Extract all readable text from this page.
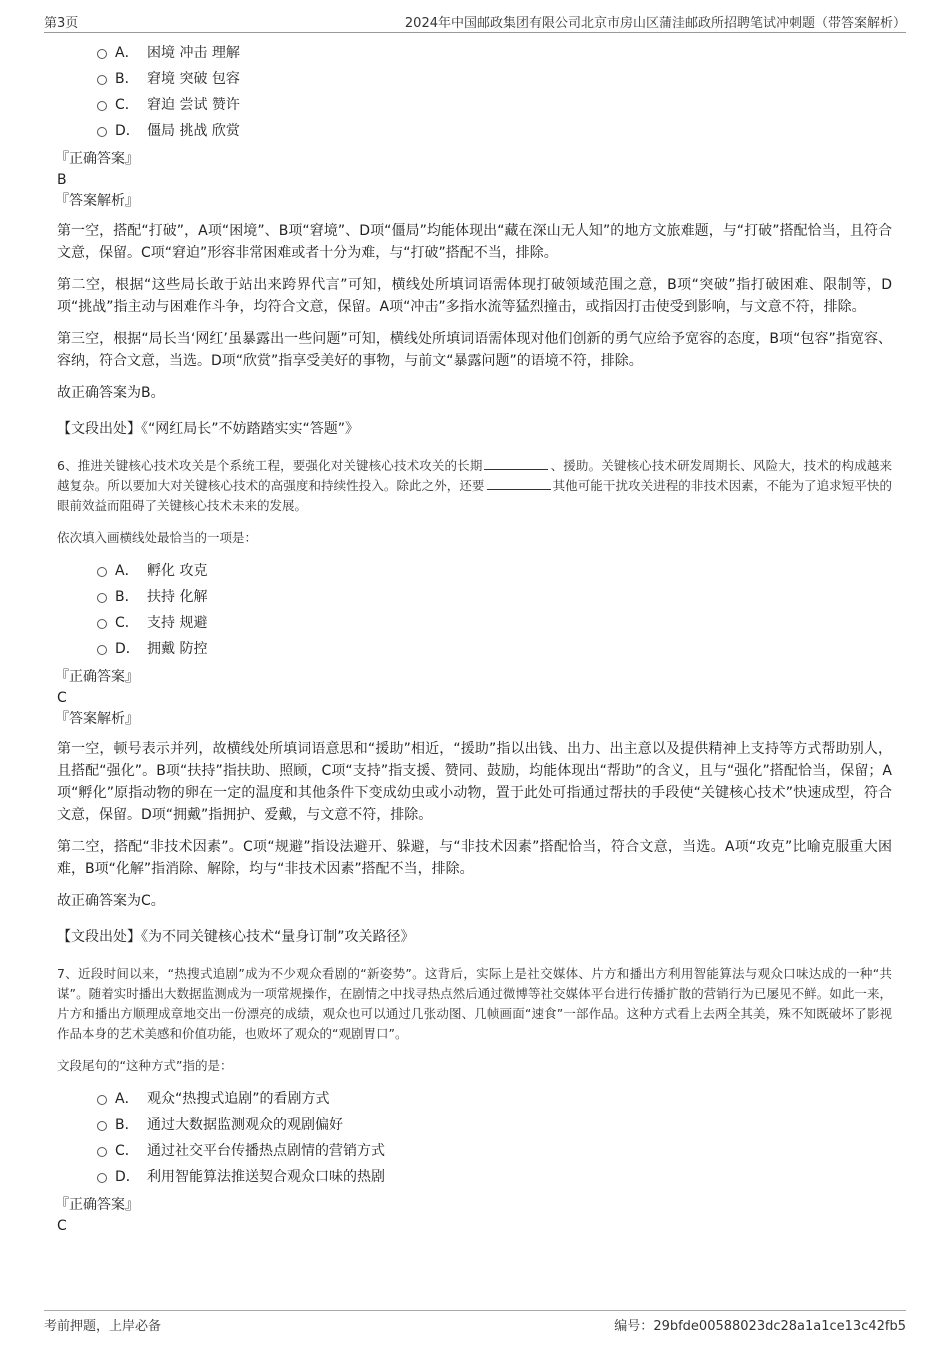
第3页	2024年中国邮政集团有限公司北京市房山区蒲洼邮政所招聘笔试冲刺题（带答案解析）
A． 困境 冲击 理解
B． 窘境 突破 包容
C． 窘迫 尝试 赞许
D． 僵局 挑战 欣赏
『正确答案』
B
『答案解析』

第一空，搭配“打破”，A项“困境”、B项“窘境”、D项“僵局”均能体现出“藏在深山无人知”的地方文旅难题，与“打破”搭配恰当，且符合文意，保留。C项“窘迫”形容非常困难或者十分为难，与“打破”搭配不当，排除。

第二空，根据“这些局长敢于站出来跨界代言”可知，横线处所填词语需体现打破领域范围之意，B项“突破”指打破困难、限制等，D项“挑战”指主动与困难作斗争，均符合文意，保留。A项“冲击”多指水流等猛烈撞击，或指因打击使受到影响，与文意不符，排除。

第三空，根据“局长当‘网红’虽暴露出一些问题”可知，横线处所填词语需体现对他们创新的勇气应给予宽容的态度，B项“包容”指宽容、容纳，符合文意，当选。D项“欣赏”指享受美好的事物，与前文“暴露问题”的语境不符，排除。

故正确答案为B。

【文段出处】《“网红局长”不妨踏踏实实“答题”》
6、推进关键核心技术攻关是个系统工程，要强化对关键核心技术攻关的长期	、援助。关键核心技术研发周期长、风险大，技术的构成越来越复杂。所以要加大对关键核心技术的高强度和持续性投入。除此之外，还要	其他可能干扰攻关进程的非技术因素，不能为了追求短平快的眼前效益而阻碍了关键核心技术未来的发展。
依次填入画横线处最恰当的一项是：
A． 孵化 攻克
B． 扶持 化解
C． 支持 规避
D． 拥戴 防控
『正确答案』
C
『答案解析』

第一空，顿号表示并列，故横线处所填词语意思和“援助”相近，“援助”指以出钱、出力、出主意以及提供精神上支持等方式帮助别人，且搭配“强化”。B项“扶持”指扶助、照顾，C项“支持”指支援、赞同、鼓励，均能体现出“帮助”的含义，且与“强化”搭配恰当，保留；A项“孵化”原指动物的卵在一定的温度和其他条件下变成幼虫或小动物，置于此处可指通过帮扶的手段使“关键核心技术”快速成型，符合文意，保留。D项“拥戴”指拥护、爱戴，与文意不符，排除。

第二空，搭配“非技术因素”。C项“规避”指设法避开、躲避，与“非技术因素”搭配恰当，符合文意，当选。A项“攻克”比喻克服重大困难，B项“化解”指消除、解除，均与“非技术因素”搭配不当，排除。

故正确答案为C。

【文段出处】《为不同关键核心技术“量身订制”攻关路径》
7、近段时间以来，“热搜式追剧”成为不少观众看剧的“新姿势”。这背后，实际上是社交媒体、片方和播出方利用智能算法与观众口味达成的一种“共谋”。随着实时播出大数据监测成为一项常规操作，在剧情之中找寻热点然后通过微博等社交媒体平台进行传播扩散的营销行为已屡见不鲜。如此一来，片方和播出方顺理成章地交出一份漂亮的成绩，观众也可以通过几张动图、几帧画面“速食”一部作品。这种方式看上去两全其美，殊不知既破坏了影视作品本身的艺术美感和价值功能，也败坏了观众的“观剧胃口”。
文段尾句的“这种方式”指的是：
A． 观众“热搜式追剧”的看剧方式
B． 通过大数据监测观众的观剧偏好
C． 通过社交平台传播热点剧情的营销方式
D． 利用智能算法推送契合观众口味的热剧
『正确答案』
C
考前押题，上岸必备	编号：29bfde00588023dc28a1a1ce13c42fb5
